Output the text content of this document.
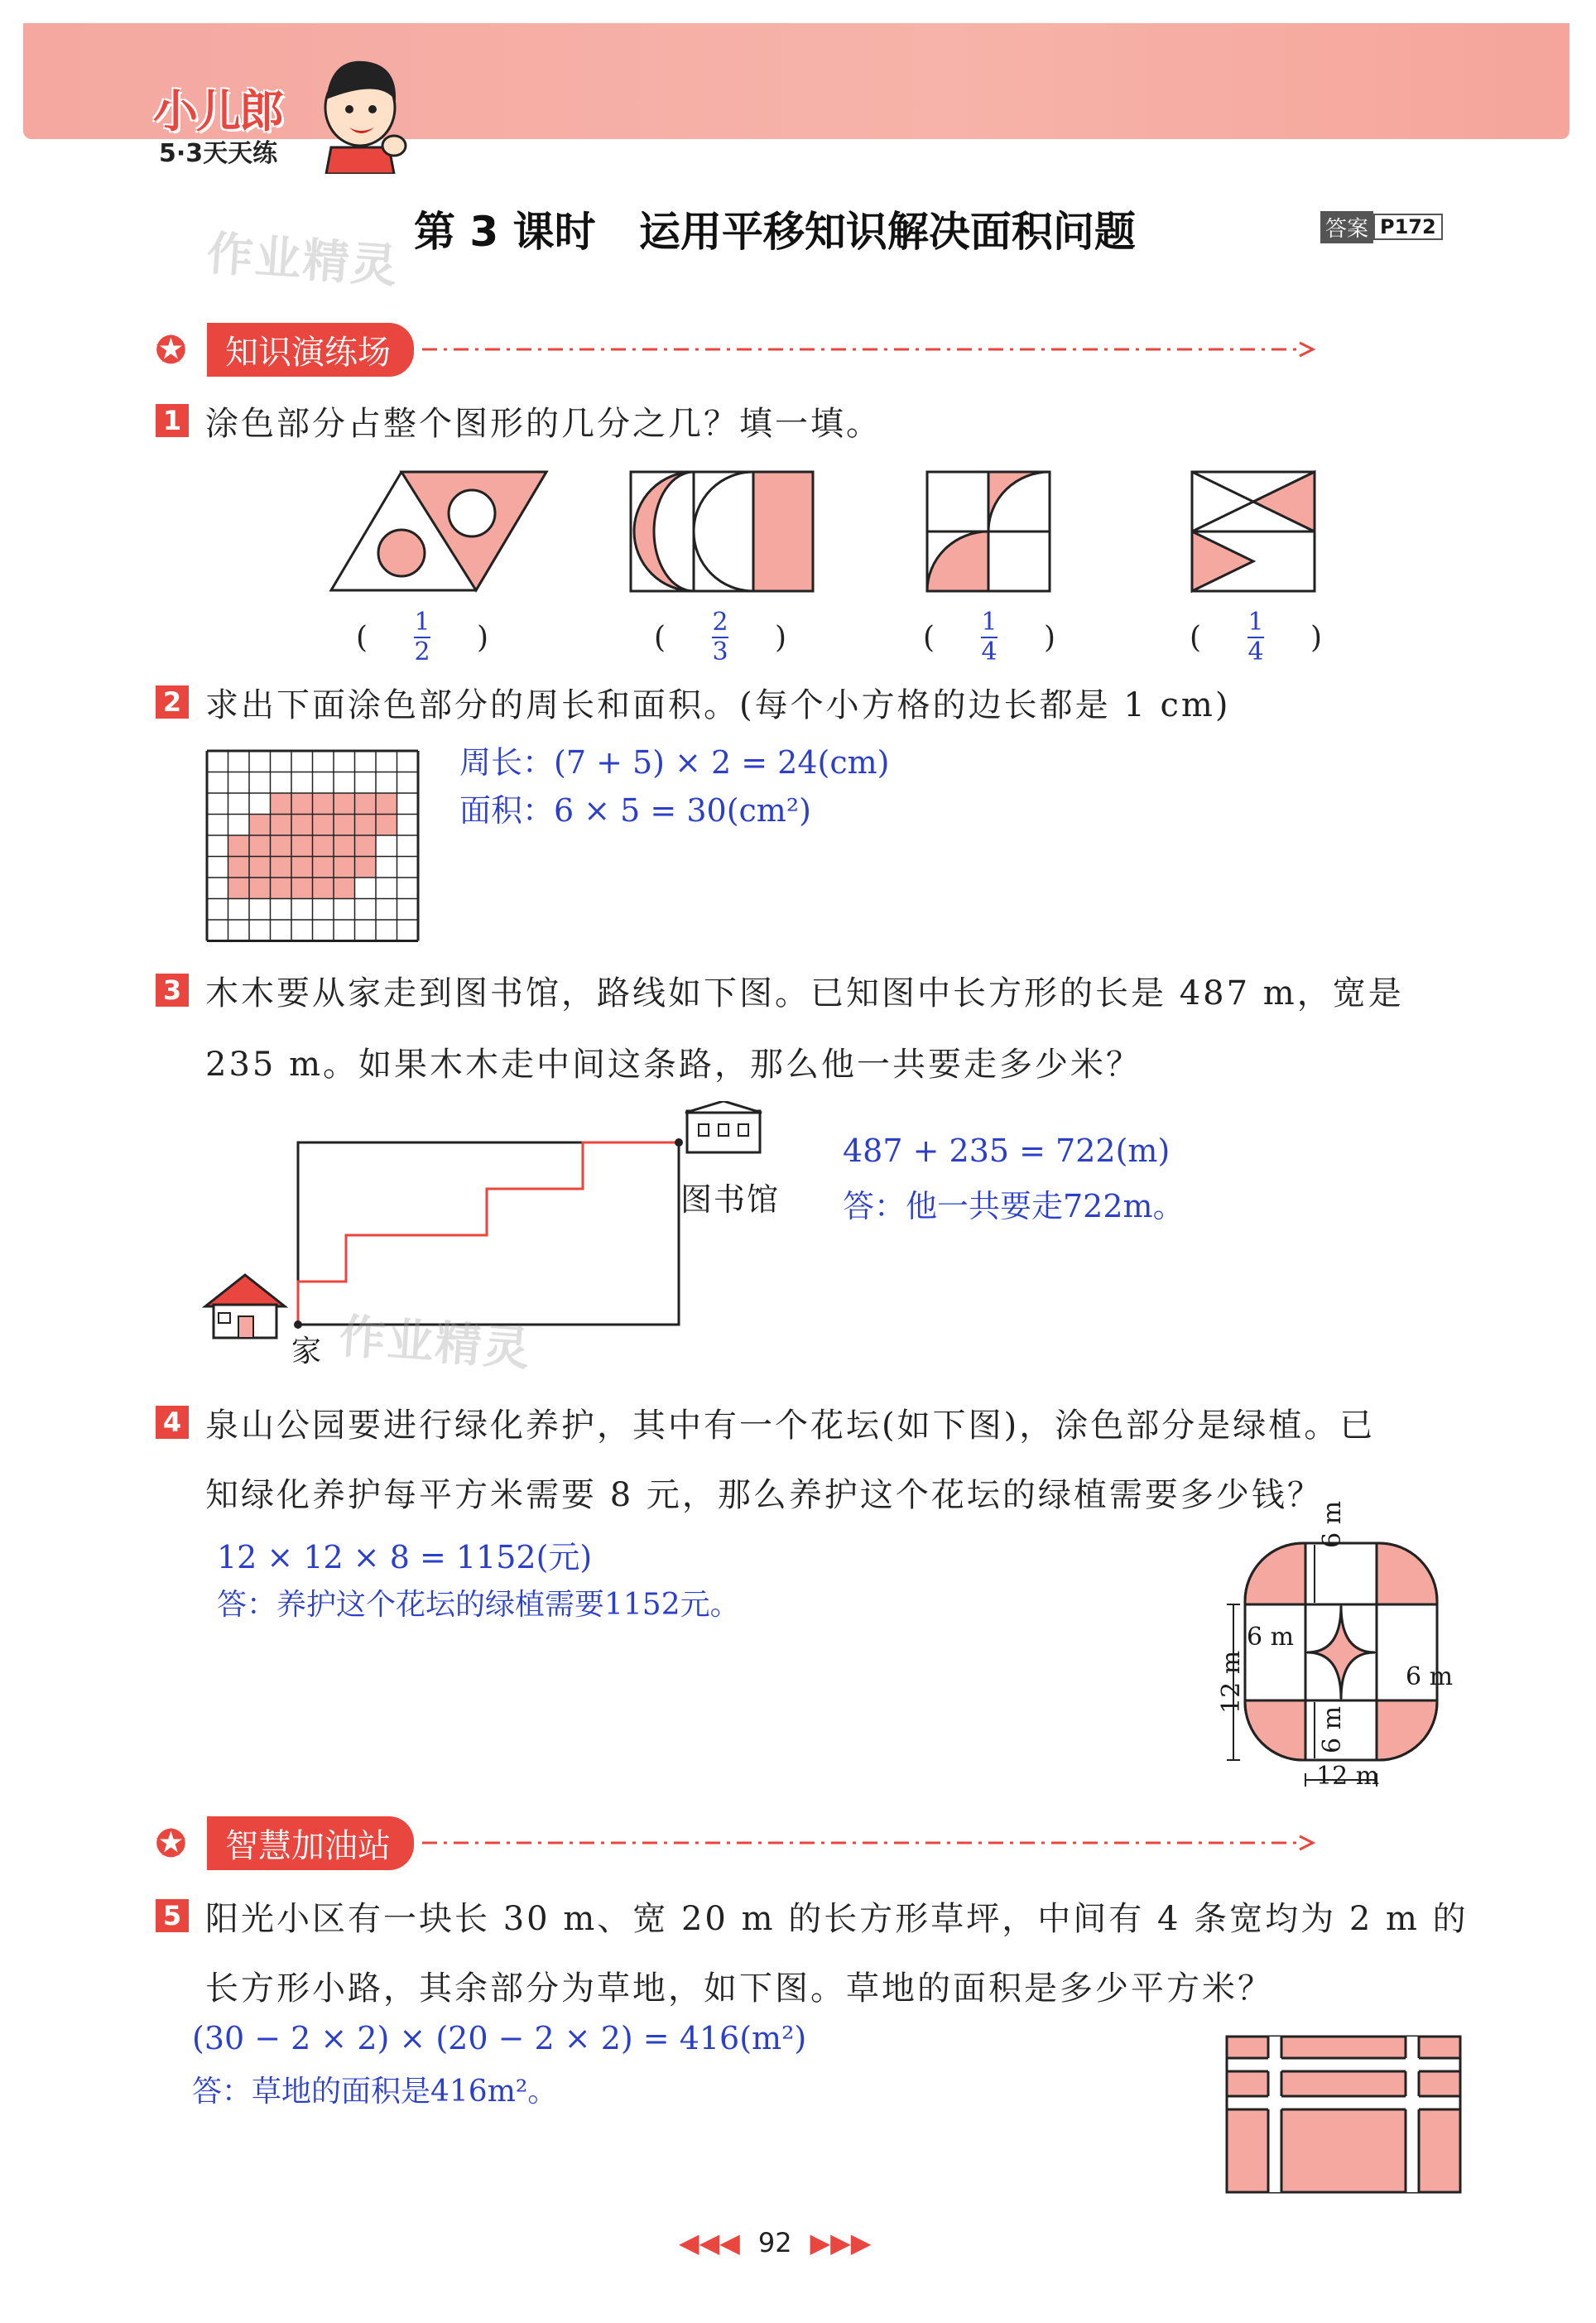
小儿郎
5·3天天练
作业精灵 第 3 课时 运用平移知识解决面积问题	答案 P172
✪	知识演练场
1 涂色部分占整个图形的几分之几？填一填。
( $\frac{1}{2}$ )	( $\frac{2}{3}$ )	( $\frac{1}{4}$ )	( $\frac{1}{4}$ )
2 求出下面涂色部分的周长和面积。(每个小方格的边长都是 1 cm)
周长：(7 + 5) × 2 = 24(cm)
面积：6 × 5 = 30(cm²)
3 木木要从家走到图书馆，路线如下图。已知图中长方形的长是 487 m，宽是
235 m。如果木木走中间这条路，那么他一共要走多少米？
图书馆
家 作业精灵
487 + 235 = 722(m)
答：他一共要走722m。
4 泉山公园要进行绿化养护，其中有一个花坛(如下图)，涂色部分是绿植。已
知绿化养护每平方米需要 8 元，那么养护这个花坛的绿植需要多少钱？
12 × 12 × 8 = 1152(元)
答：养护这个花坛的绿植需要1152元。
6 m
6 m
6 m
12 m
6 m
12 m
✪	智慧加油站
5 阳光小区有一块长 30 m、宽 20 m 的长方形草坪，中间有 4 条宽均为 2 m 的
长方形小路，其余部分为草地，如下图。草地的面积是多少平方米？
(30 − 2 × 2) × (20 − 2 × 2) = 416(m²)
答：草地的面积是416m²。
◀◀◀ 92 ▶▶▶
